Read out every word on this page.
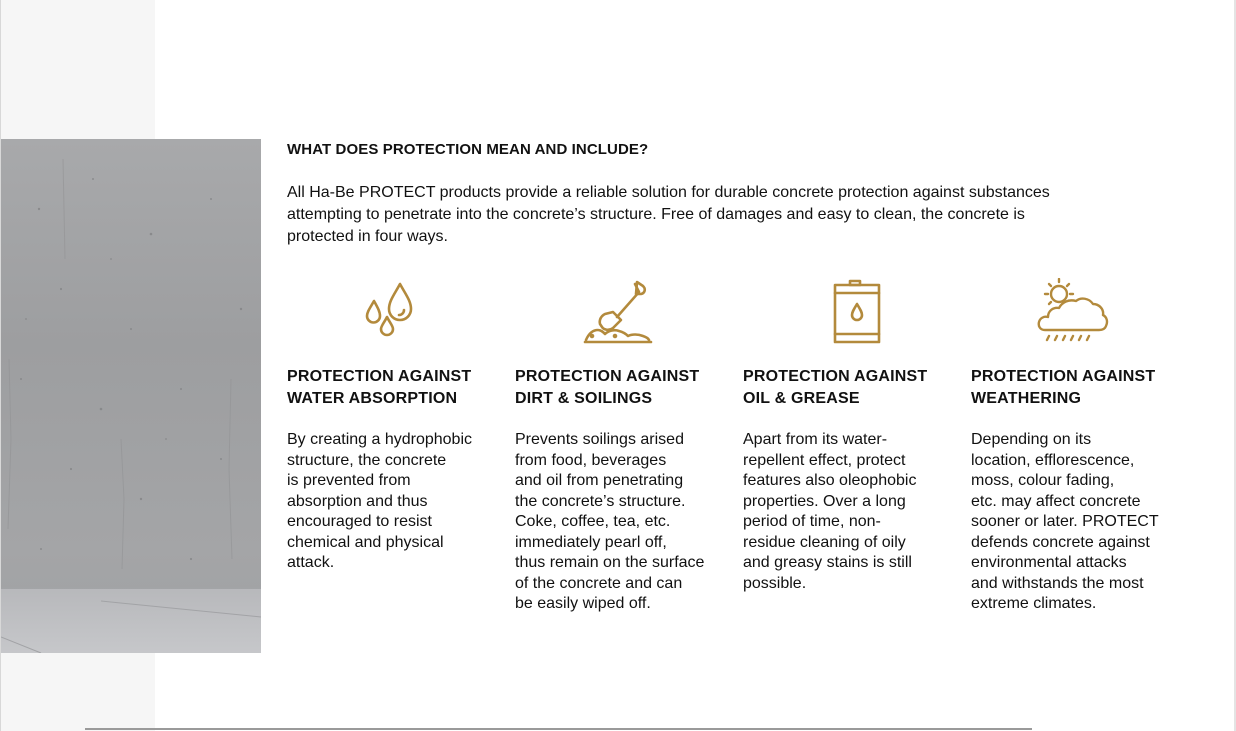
WHAT DOES PROTECTION MEAN AND INCLUDE?

All Ha-Be PROTECT products provide a reliable solution for durable concrete protection against substances
attempting to penetrate into the concrete’s structure. Free of damages and easy to clean, the concrete is
protected in four ways.

PROTECTION AGAINST
WATER ABSORPTION

By creating a hydrophobic
structure, the concrete
is prevented from
absorption and thus
encouraged to resist
chemical and physical
attack.

PROTECTION AGAINST
DIRT & SOILINGS

Prevents soilings arised
from food, beverages
and oil from penetrating
the concrete’s structure.
Coke, coffee, tea, etc.
immediately pearl off,
thus remain on the surface
of the concrete and can
be easily wiped off.

PROTECTION AGAINST
OIL & GREASE

Apart from its water-
repellent effect, protect
features also oleophobic
properties. Over a long
period of time, non-
residue cleaning of oily
and greasy stains is still
possible.

PROTECTION AGAINST
WEATHERING

Depending on its
location, efflorescence,
moss, colour fading,
etc. may affect concrete
sooner or later. PROTECT
defends concrete against
environmental attacks
and withstands the most
extreme climates.
